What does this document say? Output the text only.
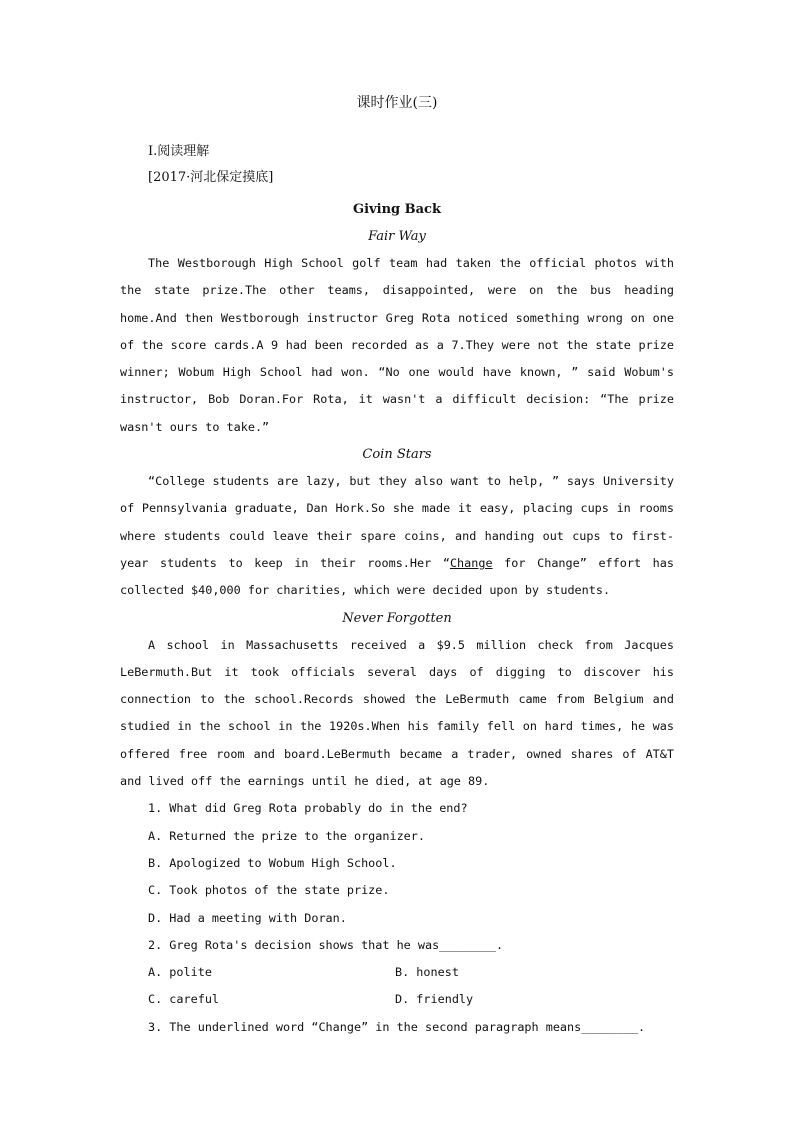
课时作业(三)
Ⅰ.阅读理解
[2017·河北保定摸底]
Giving Back
Fair Way

The Westborough High School golf team had taken the official photos with the state prize.The other teams, disappointed, were on the bus heading home.And then Westborough instructor Greg Rota noticed something wrong on one of the score cards.A 9 had been recorded as a 7.They were not the state prize winner; Wobum High School had won. “No one would have known, ” said Wobum's instructor, Bob Doran.For Rota, it wasn't a difficult decision: “The prize wasn't ours to take.”

Coin Stars

“College students are lazy, but they also want to help, ” says University of Pennsylvania graduate, Dan Hork.So she made it easy, placing cups in rooms where students could leave their spare coins, and handing out cups to first-year students to keep in their rooms.Her “Change for Change” effort has collected $40,000 for charities, which were decided upon by students.

Never Forgotten

A school in Massachusetts received a $9.5 million check from Jacques LeBermuth.But it took officials several days of digging to discover his connection to the school.Records showed the LeBermuth came from Belgium and studied in the school in the 1920s.When his family fell on hard times, he was offered free room and board.LeBermuth became a trader, owned shares of AT&T and lived off the earnings until he died, at age 89.

1. What did Greg Rota probably do in the end?
A. Returned the prize to the organizer.
B. Apologized to Wobum High School.
C. Took photos of the state prize.
D. Had a meeting with Doran.
2. Greg Rota's decision shows that he was________.
A. polite	B. honest
C. careful	D. friendly
3. The underlined word “Change” in the second paragraph means________.
